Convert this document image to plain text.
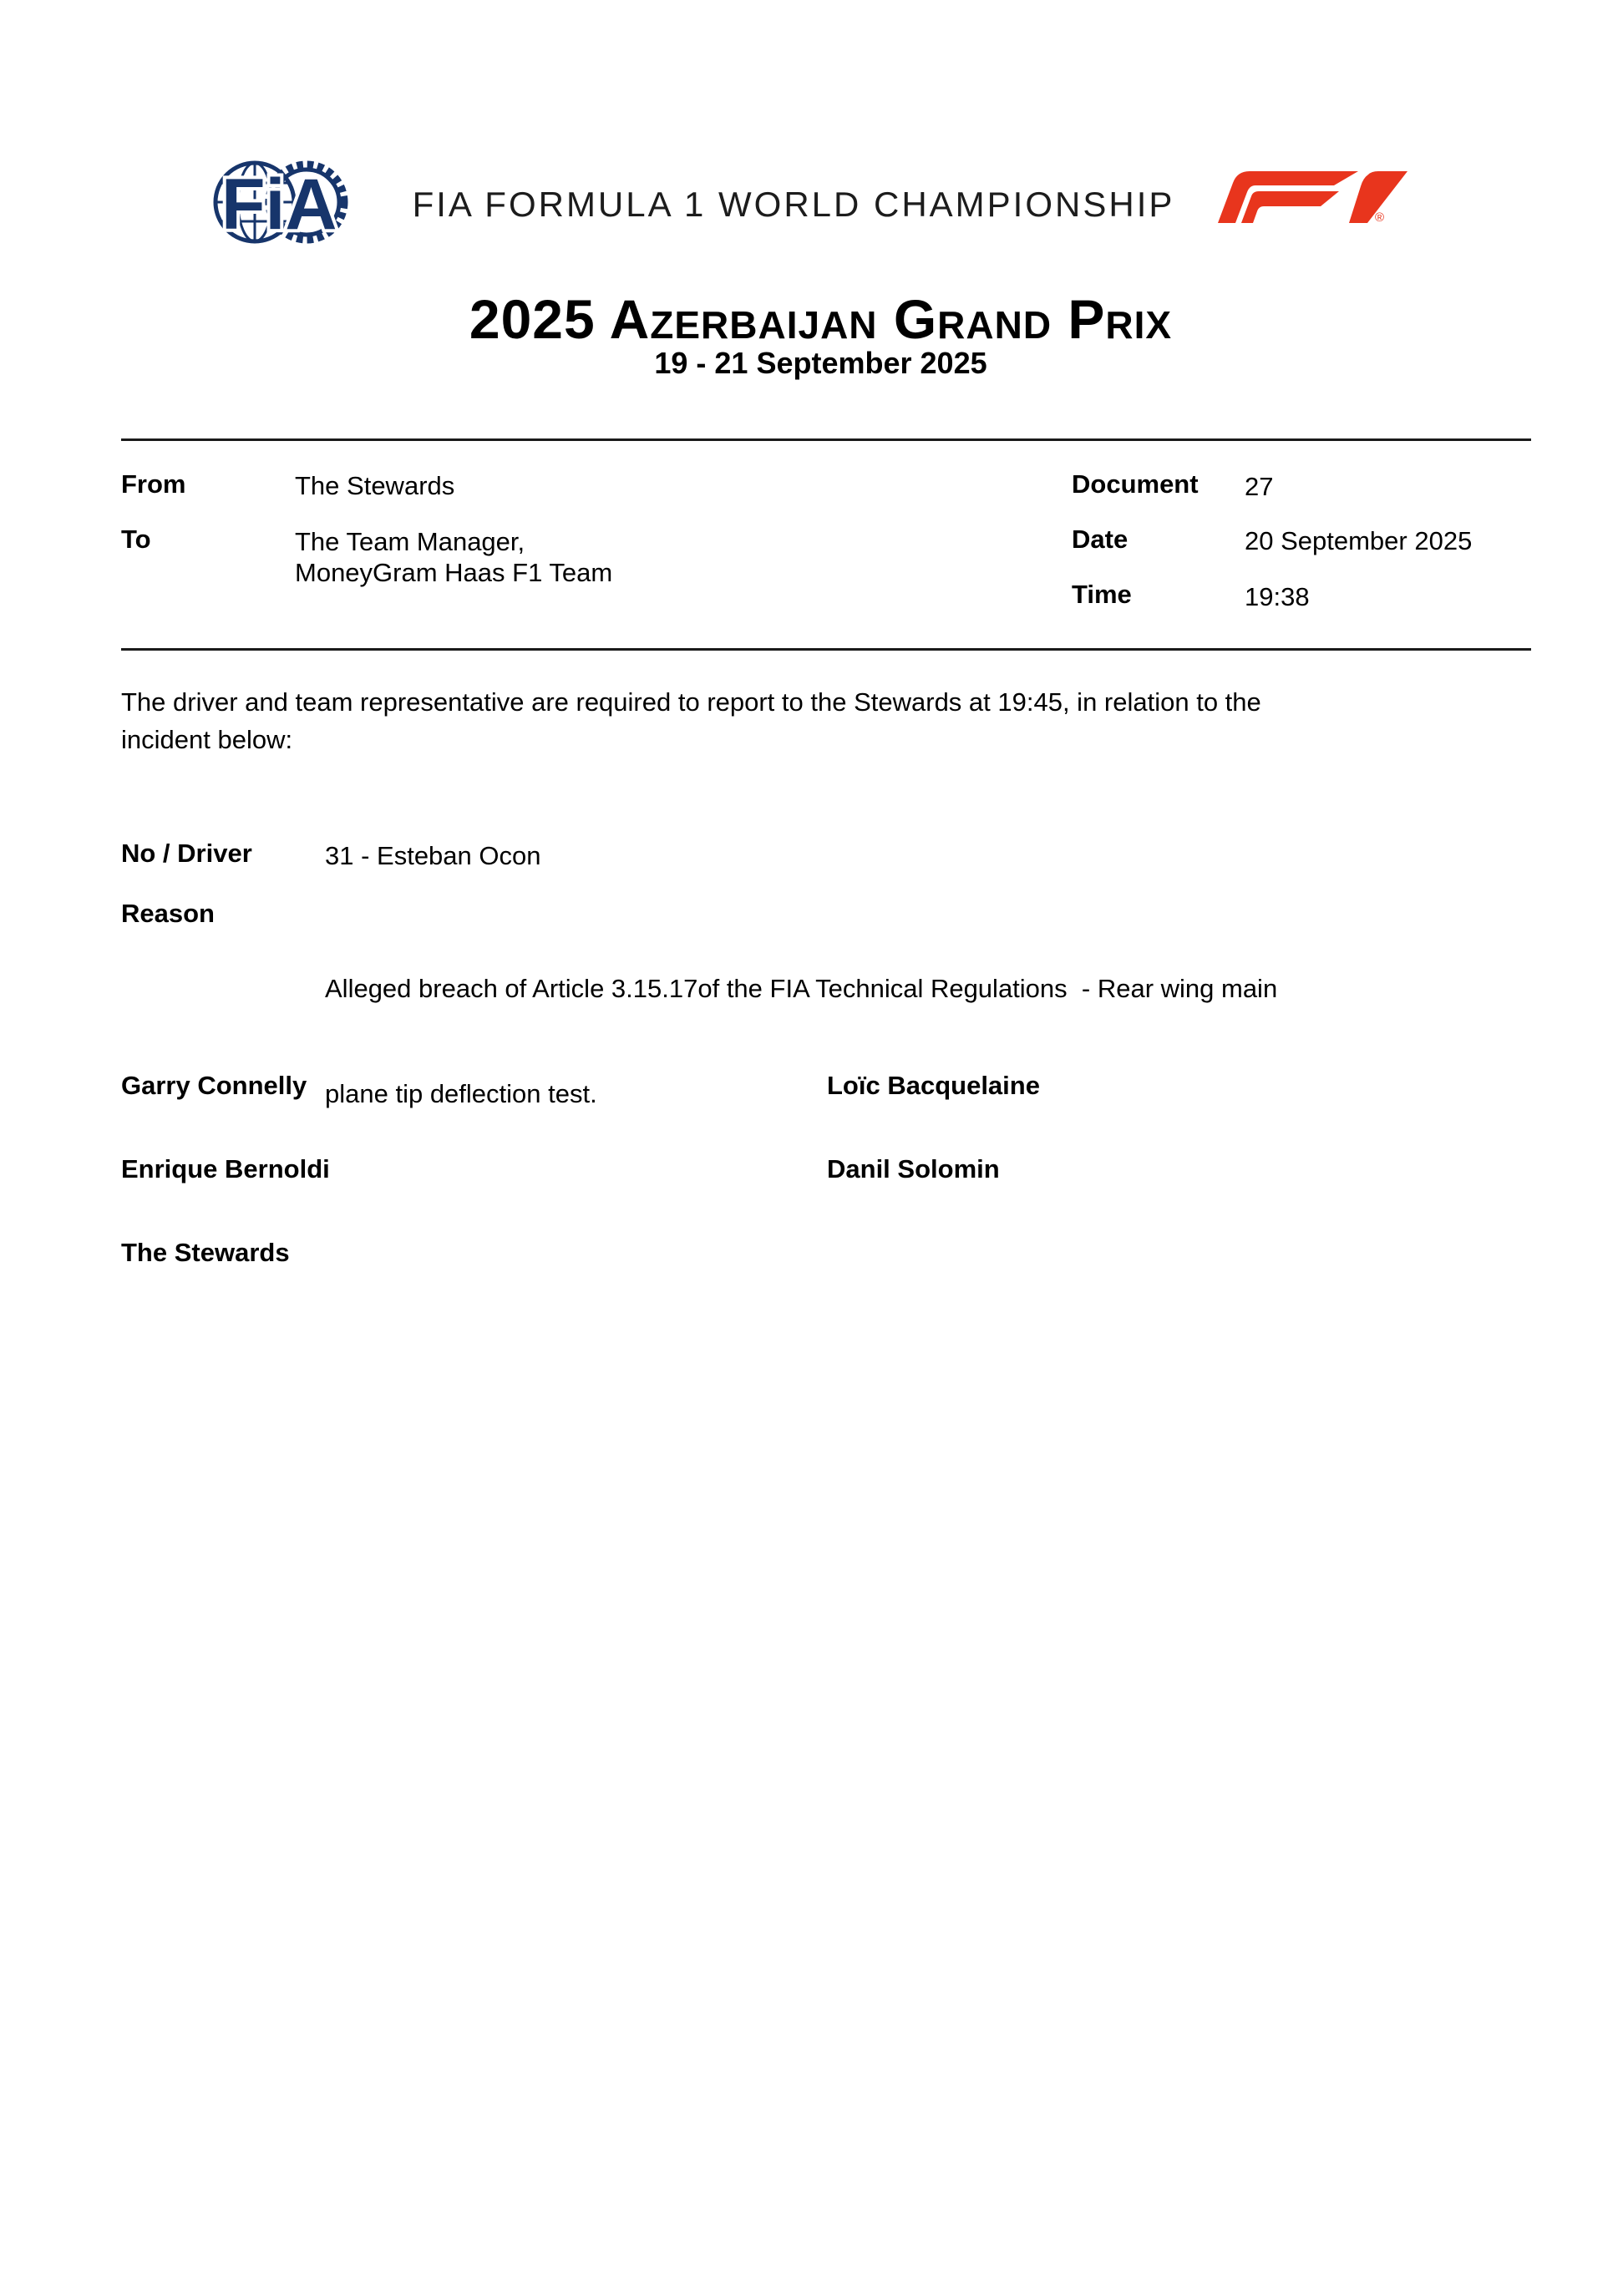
FiA	FIA FORMULA 1 WORLD CHAMPIONSHIP	®
2025 Azerbaijan Grand Prix
19 - 21 September 2025
From	The Stewards
To	The Team Manager,
MoneyGram Haas F1 Team
Document 27
Date	20 September 2025
Time	19:38
The driver and team representative are required to report to the Stewards at 19:45, in relation to the
incident below:
No / Driver	31 - Esteban Ocon
Reason

Alleged breach of Article 3.15.17of the FIA Technical Regulations  - Rear wing main

plane tip deflection test.

Garry Connelly	Loïc Bacquelaine
Enrique Bernoldi	Danil Solomin
The Stewards
